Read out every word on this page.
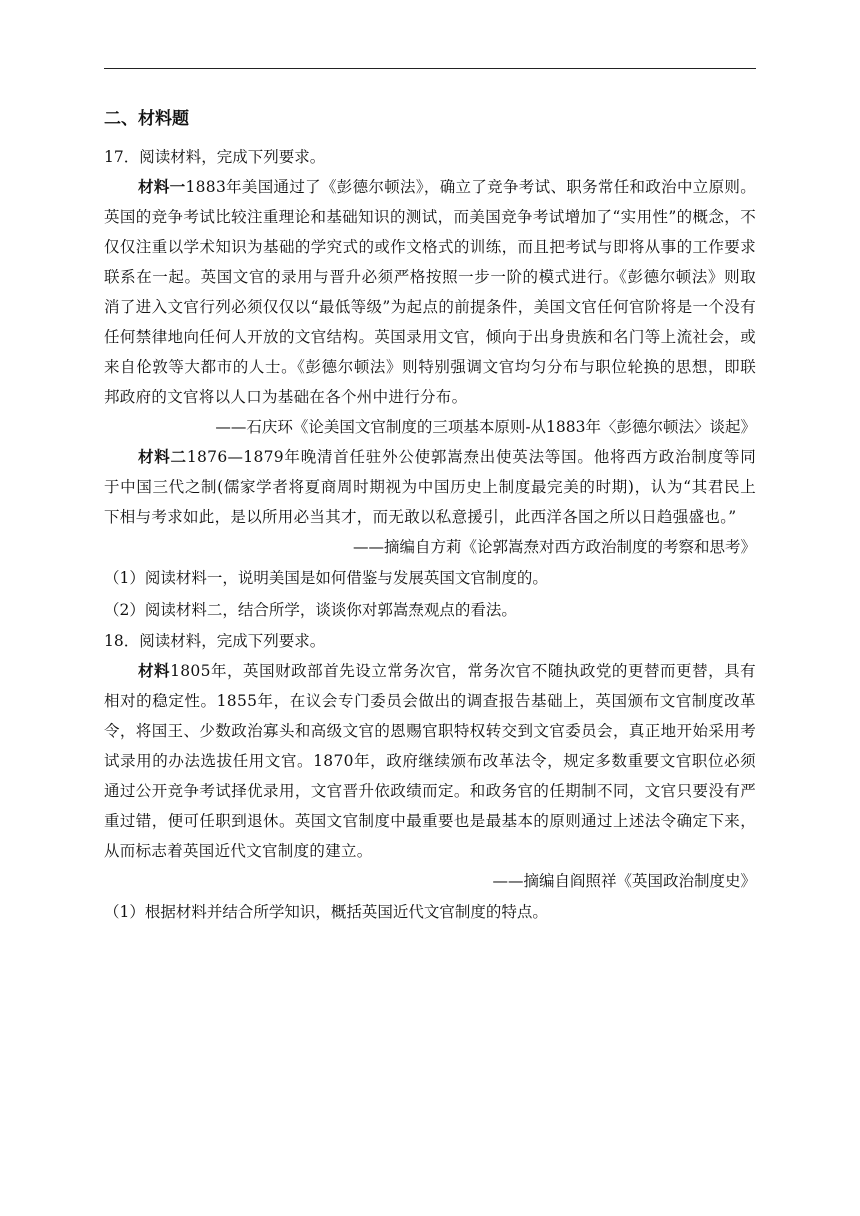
二、材料题

17．阅读材料，完成下列要求。

材料一1883年美国通过了《彭德尔顿法》，确立了竞争考试、职务常任和政治中立原则。英国的竞争考试比较注重理论和基础知识的测试，而美国竞争考试增加了“实用性”的概念，不仅仅注重以学术知识为基础的学究式的或作文格式的训练，而且把考试与即将从事的工作要求联系在一起。英国文官的录用与晋升必须严格按照一步一阶的模式进行。《彭德尔顿法》则取消了进入文官行列必须仅仅以“最低等级”为起点的前提条件，美国文官任何官阶将是一个没有任何禁律地向任何人开放的文官结构。英国录用文官，倾向于出身贵族和名门等上流社会，或来自伦敦等大都市的人士。《彭德尔顿法》则特别强调文官均匀分布与职位轮换的思想，即联邦政府的文官将以人口为基础在各个州中进行分布。

——石庆环《论美国文官制度的三项基本原则-从1883年〈彭德尔顿法〉谈起》

材料二1876—1879年晚清首任驻外公使郭嵩焘出使英法等国。他将西方政治制度等同于中国三代之制(儒家学者将夏商周时期视为中国历史上制度最完美的时期)，认为“其君民上下相与考求如此，是以所用必当其才，而无敢以私意援引，此西洋各国之所以日趋强盛也。”

——摘编自方莉《论郭嵩焘对西方政治制度的考察和思考》

（1）阅读材料一，说明美国是如何借鉴与发展英国文官制度的。

（2）阅读材料二，结合所学，谈谈你对郭嵩焘观点的看法。

18．阅读材料，完成下列要求。

材料1805年，英国财政部首先设立常务次官，常务次官不随执政党的更替而更替，具有相对的稳定性。1855年，在议会专门委员会做出的调查报告基础上，英国颁布文官制度改革令，将国王、少数政治寡头和高级文官的恩赐官职特权转交到文官委员会，真正地开始采用考试录用的办法选拔任用文官。1870年，政府继续颁布改革法令，规定多数重要文官职位必须通过公开竞争考试择优录用，文官晋升依政绩而定。和政务官的任期制不同，文官只要没有严重过错，便可任职到退休。英国文官制度中最重要也是最基本的原则通过上述法令确定下来，从而标志着英国近代文官制度的建立。

——摘编自阎照祥《英国政治制度史》

（1）根据材料并结合所学知识，概括英国近代文官制度的特点。
